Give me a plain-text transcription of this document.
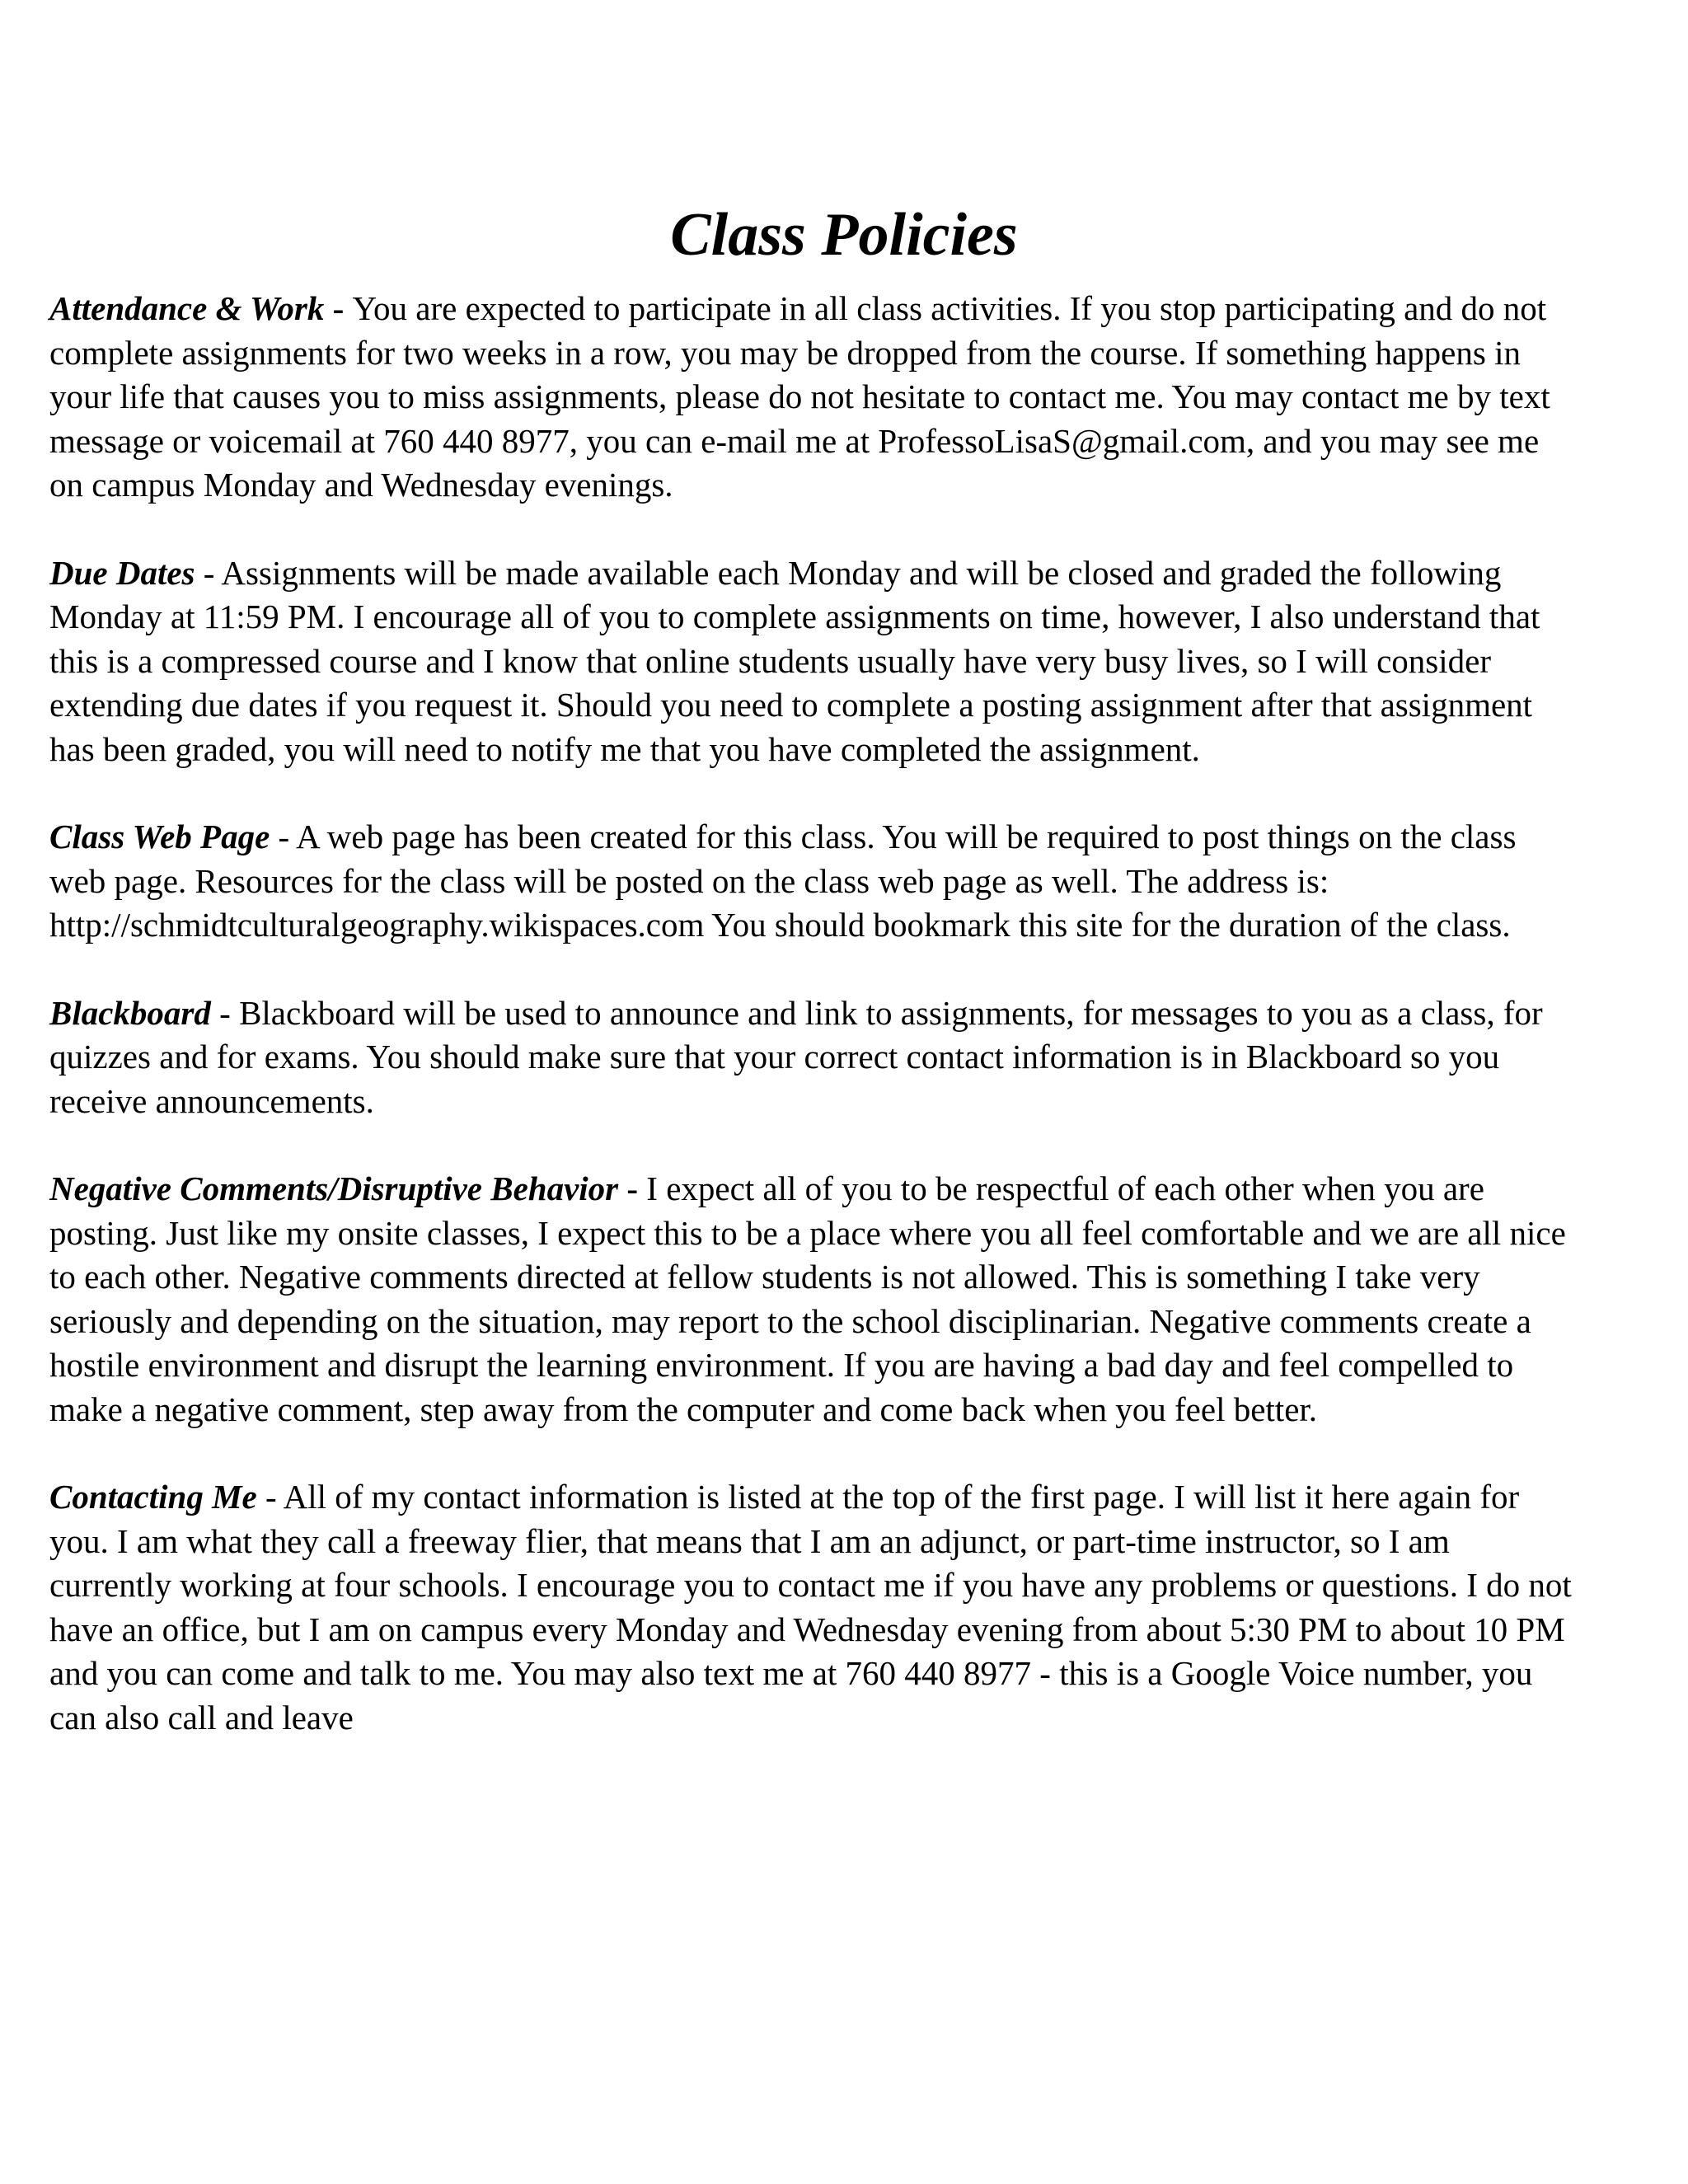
Class Policies

Attendance & Work - You are expected to participate in all class activities. If you stop participating and do not complete assignments for two weeks in a row, you may be dropped from the course. If something happens in your life that causes you to miss assignments, please do not hesitate to contact me. You may contact me by text message or voicemail at 760 440 8977, you can e-mail me at ProfessoLisaS@gmail.com, and you may see me on campus Monday and Wednesday evenings.

Due Dates - Assignments will be made available each Monday and will be closed and graded the following Monday at 11:59 PM. I encourage all of you to complete assignments on time, however, I also understand that this is a compressed course and I know that online students usually have very busy lives, so I will consider extending due dates if you request it. Should you need to complete a posting assignment after that assignment has been graded, you will need to notify me that you have completed the assignment.

Class Web Page - A web page has been created for this class. You will be required to post things on the class web page. Resources for the class will be posted on the class web page as well. The address is: http://schmidtculturalgeography.wikispaces.com You should bookmark this site for the duration of the class.

Blackboard - Blackboard will be used to announce and link to assignments, for messages to you as a class, for quizzes and for exams. You should make sure that your correct contact information is in Blackboard so you receive announcements.

Negative Comments/Disruptive Behavior - I expect all of you to be respectful of each other when you are posting. Just like my onsite classes, I expect this to be a place where you all feel comfortable and we are all nice to each other. Negative comments directed at fellow students is not allowed. This is something I take very seriously and depending on the situation, may report to the school disciplinarian. Negative comments create a hostile environment and disrupt the learning environment. If you are having a bad day and feel compelled to make a negative comment, step away from the computer and come back when you feel better.

Contacting Me - All of my contact information is listed at the top of the first page. I will list it here again for you. I am what they call a freeway flier, that means that I am an adjunct, or part-time instructor, so I am currently working at four schools. I encourage you to contact me if you have any problems or questions. I do not have an office, but I am on campus every Monday and Wednesday evening from about 5:30 PM to about 10 PM and you can come and talk to me. You may also text me at 760 440 8977 - this is a Google Voice number, you can also call and leave
